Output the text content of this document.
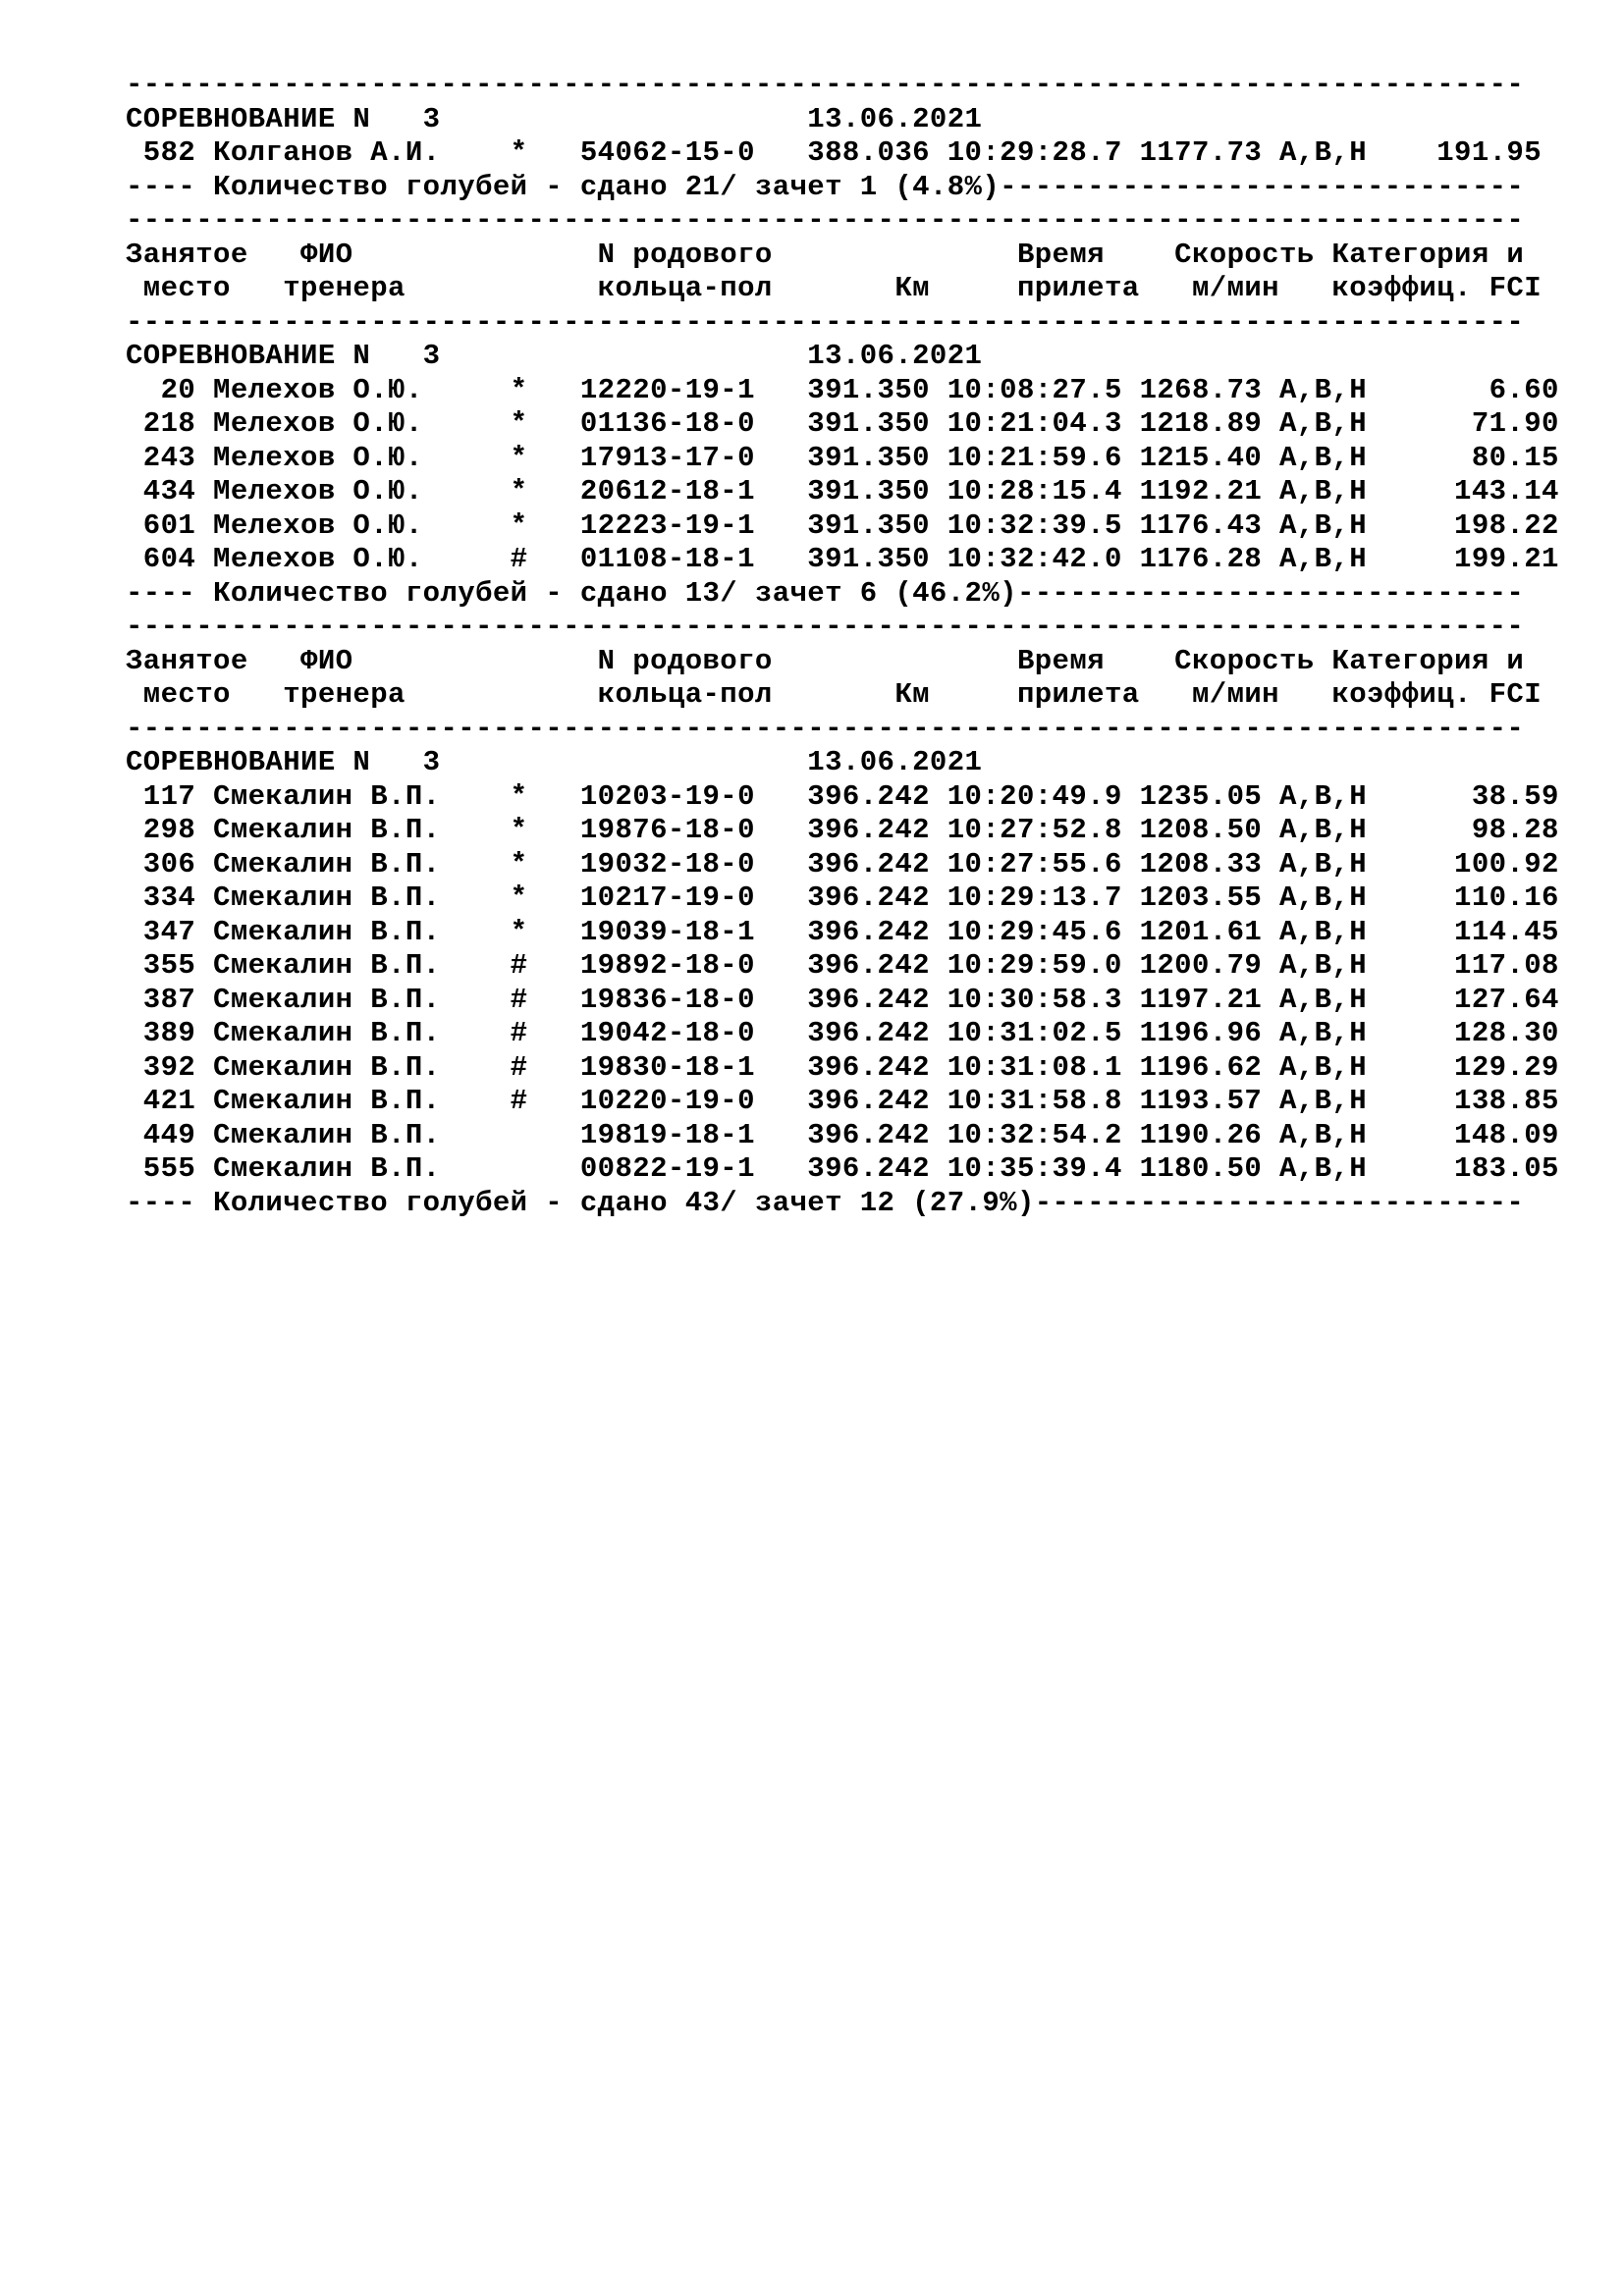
--------------------------------------------------------------------------------
СОРЕВНОВАНИЕ N   3                     13.06.2021
582 Колганов А.И.    *   54062-15-0   388.036 10:29:28.7 1177.73 A,B,H    191.95
---- Количество голубей - сдано 21/ зачет 1 (4.8%)------------------------------
--------------------------------------------------------------------------------
Занятое   ФИО              N родового              Время    Скорость Категория и
место   тренера           кольца-пол       Км     прилета   м/мин   коэффиц. FCI
--------------------------------------------------------------------------------
СОРЕВНОВАНИЕ N   3                     13.06.2021
20 Мелехов О.Ю.     *   12220-19-1   391.350 10:08:27.5 1268.73 A,B,H       6.60
218 Мелехов О.Ю.     *   01136-18-0   391.350 10:21:04.3 1218.89 A,B,H      71.90
243 Мелехов О.Ю.     *   17913-17-0   391.350 10:21:59.6 1215.40 A,B,H      80.15
434 Мелехов О.Ю.     *   20612-18-1   391.350 10:28:15.4 1192.21 A,B,H     143.14
601 Мелехов О.Ю.     *   12223-19-1   391.350 10:32:39.5 1176.43 A,B,H     198.22
604 Мелехов О.Ю.     #   01108-18-1   391.350 10:32:42.0 1176.28 A,B,H     199.21
---- Количество голубей - сдано 13/ зачет 6 (46.2%)-----------------------------
--------------------------------------------------------------------------------
Занятое   ФИО              N родового              Время    Скорость Категория и
место   тренера           кольца-пол       Км     прилета   м/мин   коэффиц. FCI
--------------------------------------------------------------------------------
СОРЕВНОВАНИЕ N   3                     13.06.2021
117 Смекалин В.П.    *   10203-19-0   396.242 10:20:49.9 1235.05 A,B,H      38.59
298 Смекалин В.П.    *   19876-18-0   396.242 10:27:52.8 1208.50 A,B,H      98.28
306 Смекалин В.П.    *   19032-18-0   396.242 10:27:55.6 1208.33 A,B,H     100.92
334 Смекалин В.П.    *   10217-19-0   396.242 10:29:13.7 1203.55 A,B,H     110.16
347 Смекалин В.П.    *   19039-18-1   396.242 10:29:45.6 1201.61 A,B,H     114.45
355 Смекалин В.П.    #   19892-18-0   396.242 10:29:59.0 1200.79 A,B,H     117.08
387 Смекалин В.П.    #   19836-18-0   396.242 10:30:58.3 1197.21 A,B,H     127.64
389 Смекалин В.П.    #   19042-18-0   396.242 10:31:02.5 1196.96 A,B,H     128.30
392 Смекалин В.П.    #   19830-18-1   396.242 10:31:08.1 1196.62 A,B,H     129.29
421 Смекалин В.П.    #   10220-19-0   396.242 10:31:58.8 1193.57 A,B,H     138.85
449 Смекалин В.П.        19819-18-1   396.242 10:32:54.2 1190.26 A,B,H     148.09
555 Смекалин В.П.        00822-19-1   396.242 10:35:39.4 1180.50 A,B,H     183.05
---- Количество голубей - сдано 43/ зачет 12 (27.9%)----------------------------
